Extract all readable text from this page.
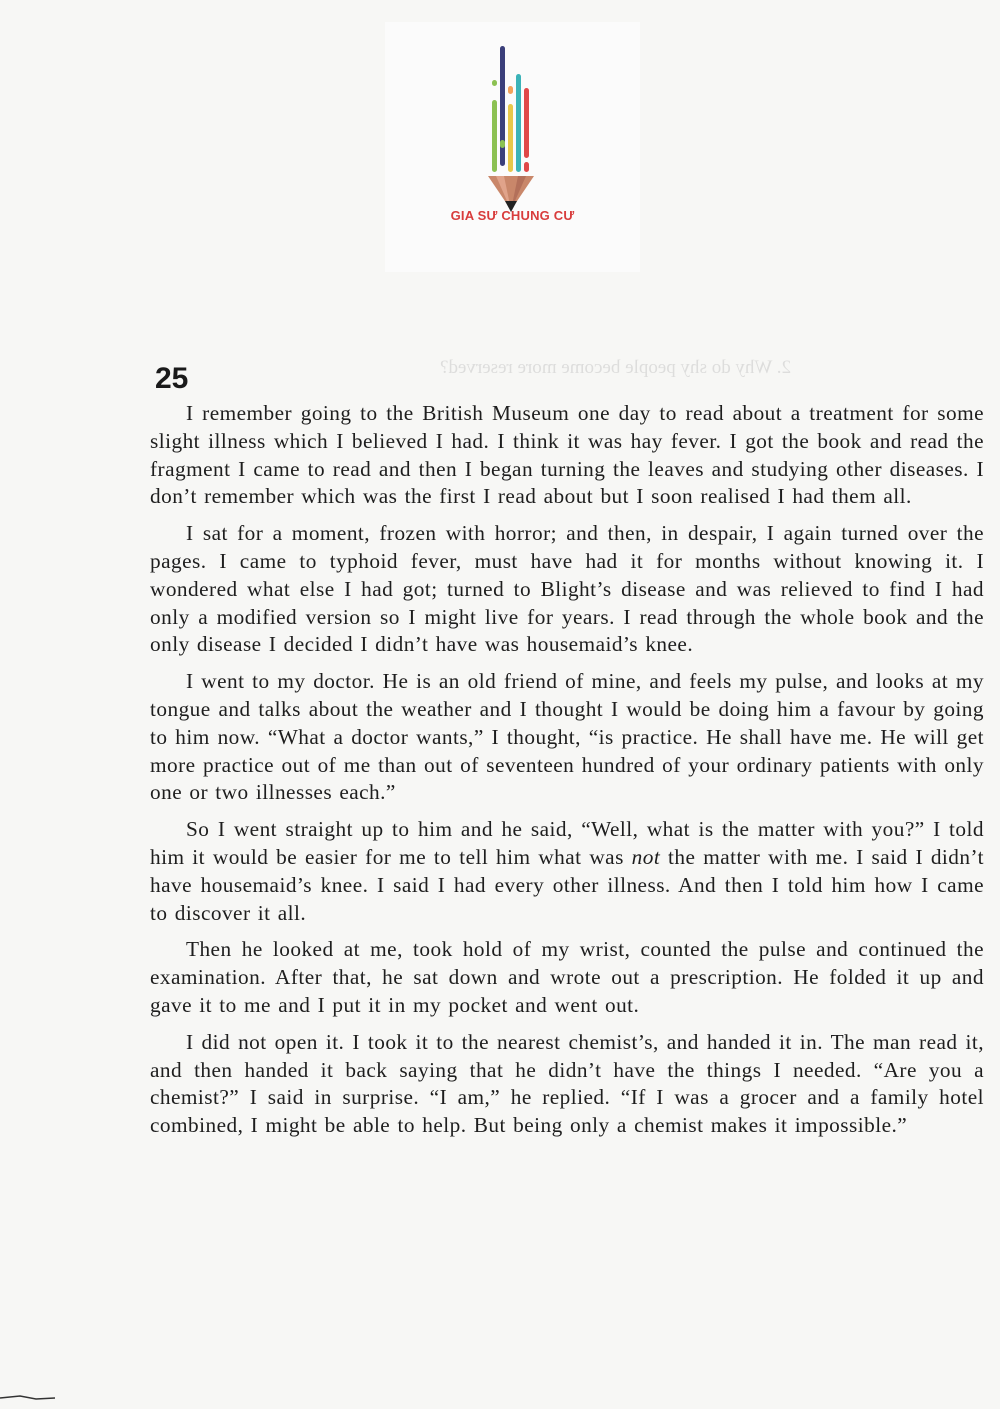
GIA SƯ CHUNG CƯ
2. Why do shy people become more reserved?
25

I remember going to the British Museum one day to read about a treatment for some slight illness which I believed I had. I think it was hay fever. I got the book and read the fragment I came to read and then I began turning the leaves and studying other diseases. I don’t remember which was the first I read about but I soon realised I had them all.

I sat for a moment, frozen with horror; and then, in despair, I again turned over the pages. I came to typhoid fever, must have had it for months without knowing it. I wondered what else I had got; turned to Blight’s disease and was relieved to find I had only a modified version so I might live for years. I read through the whole book and the only disease I decided I didn’t have was housemaid’s knee.

I went to my doctor. He is an old friend of mine, and feels my pulse, and looks at my tongue and talks about the weather and I thought I would be doing him a favour by going to him now. “What a doctor wants,” I thought, “is practice. He shall have me. He will get more practice out of me than out of seventeen hundred of your ordinary patients with only one or two illnesses each.”

So I went straight up to him and he said, “Well, what is the matter with you?” I told him it would be easier for me to tell him what was not the matter with me. I said I didn’t have housemaid’s knee. I said I had every other illness. And then I told him how I came to discover it all.

Then he looked at me, took hold of my wrist, counted the pulse and continued the examination. After that, he sat down and wrote out a prescription. He folded it up and gave it to me and I put it in my pocket and went out.

I did not open it. I took it to the nearest chemist’s, and handed it in. The man read it, and then handed it back saying that he didn’t have the things I needed. “Are you a chemist?” I said in surprise. “I am,” he replied. “If I was a grocer and a family hotel combined, I might be able to help. But being only a chemist makes it impossible.”
